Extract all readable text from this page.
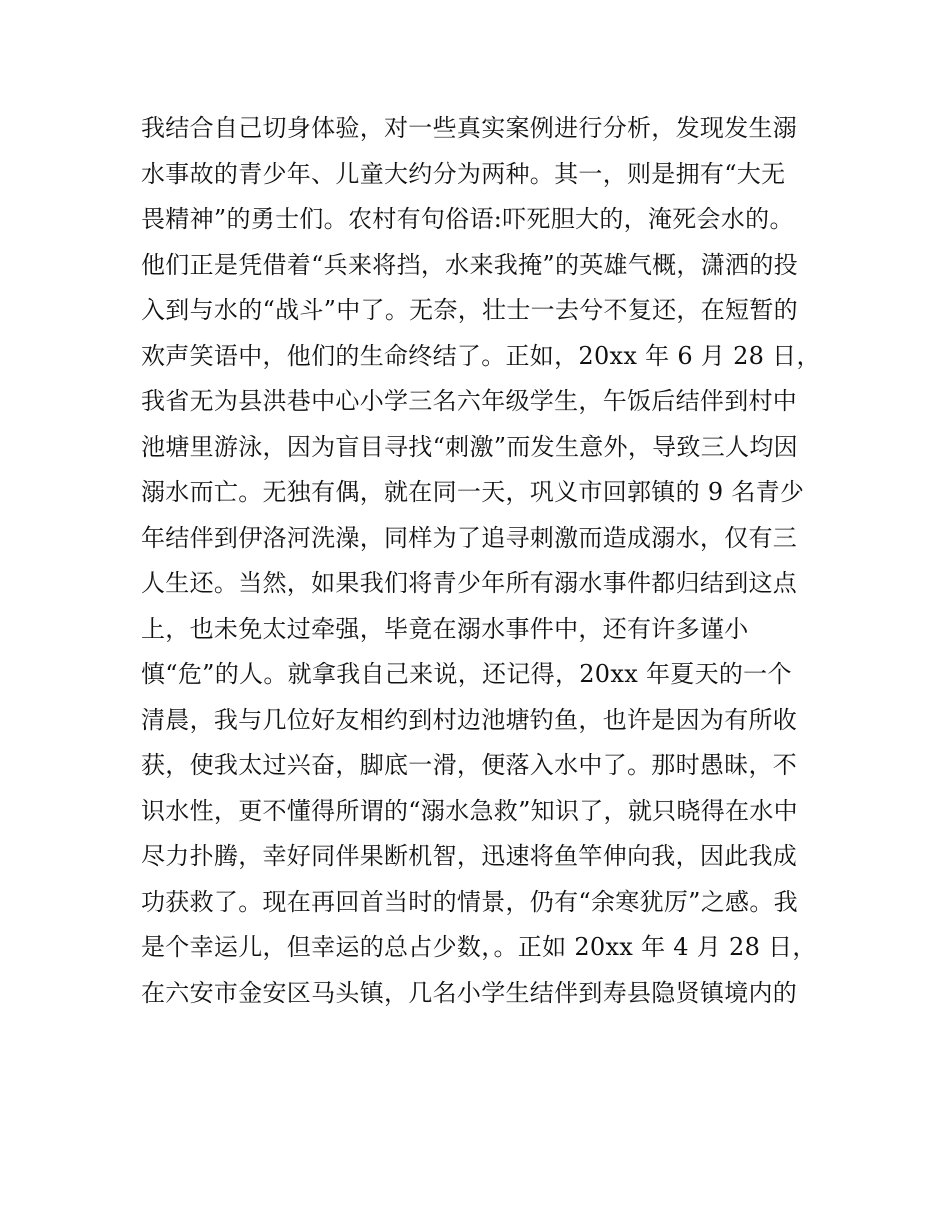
我结合自己切身体验，对一些真实案例进行分析，发现发生溺
水事故的青少年、儿童大约分为两种。其一，则是拥有“大无
畏精神”的勇士们。农村有句俗语:吓死胆大的，淹死会水的。
他们正是凭借着“兵来将挡，水来我掩”的英雄气概，潇洒的投
入到与水的“战斗”中了。无奈，壮士一去兮不复还，在短暂的
欢声笑语中，他们的生命终结了。正如，20xx 年 6 月 28 日，
我省无为县洪巷中心小学三名六年级学生，午饭后结伴到村中
池塘里游泳，因为盲目寻找“刺激”而发生意外，导致三人均因
溺水而亡。无独有偶，就在同一天，巩义市回郭镇的 9 名青少
年结伴到伊洛河洗澡，同样为了追寻刺激而造成溺水，仅有三
人生还。当然，如果我们将青少年所有溺水事件都归结到这点
上，也未免太过牵强，毕竟在溺水事件中，还有许多谨小
慎“危”的人。就拿我自己来说，还记得，20xx 年夏天的一个
清晨，我与几位好友相约到村边池塘钓鱼，也许是因为有所收
获，使我太过兴奋，脚底一滑，便落入水中了。那时愚昧，不
识水性，更不懂得所谓的“溺水急救”知识了，就只晓得在水中
尽力扑腾，幸好同伴果断机智，迅速将鱼竿伸向我，因此我成
功获救了。现在再回首当时的情景，仍有“余寒犹厉”之感。我
是个幸运儿，但幸运的总占少数，。正如 20xx 年 4 月 28 日，
在六安市金安区马头镇，几名小学生结伴到寿县隐贤镇境内的
